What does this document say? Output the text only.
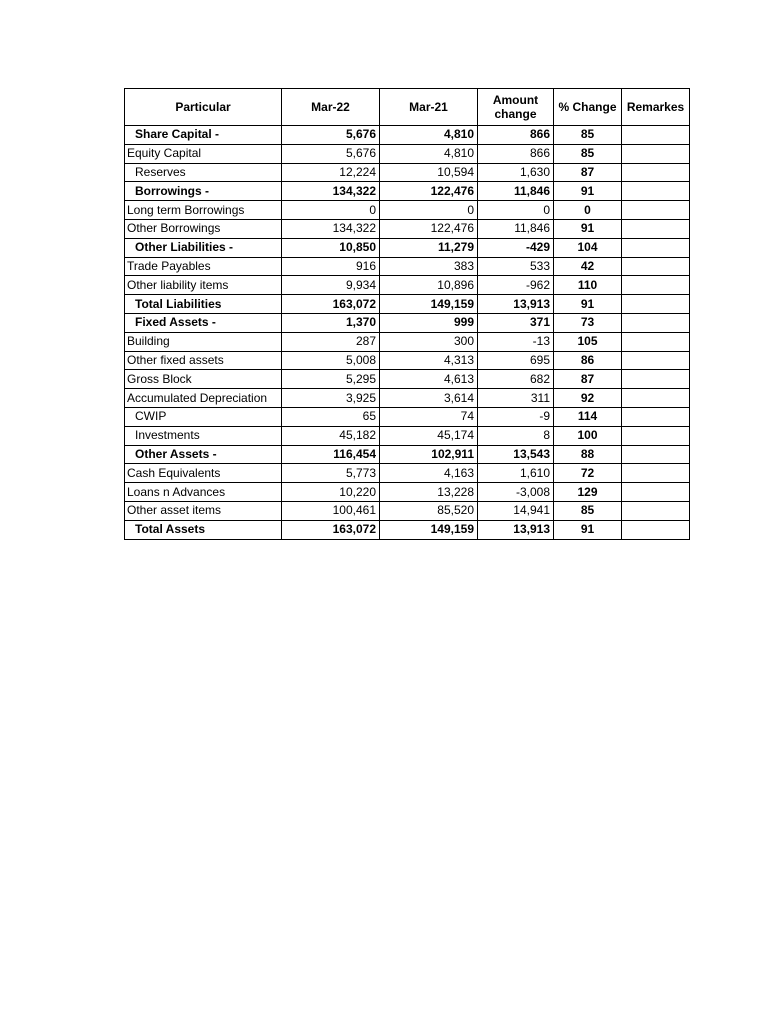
Particular	Mar-22	Mar-21	Amount change	% Change	Remarkes
Share Capital -	5,676	4,810	866	85	
Equity Capital	5,676	4,810	866	85	
Reserves	12,224	10,594	1,630	87	
Borrowings -	134,322	122,476	11,846	91	
Long term Borrowings	0	0	0	0	
Other Borrowings	134,322	122,476	11,846	91	
Other Liabilities -	10,850	11,279	-429	104	
Trade Payables	916	383	533	42	
Other liability items	9,934	10,896	-962	110	
Total Liabilities	163,072	149,159	13,913	91	
Fixed Assets -	1,370	999	371	73	
Building	287	300	-13	105	
Other fixed assets	5,008	4,313	695	86	
Gross Block	5,295	4,613	682	87	
Accumulated Depreciation	3,925	3,614	311	92	
CWIP	65	74	-9	114	
Investments	45,182	45,174	8	100	
Other Assets -	116,454	102,911	13,543	88	
Cash Equivalents	5,773	4,163	1,610	72	
Loans n Advances	10,220	13,228	-3,008	129	
Other asset items	100,461	85,520	14,941	85	
Total Assets	163,072	149,159	13,913	91	
